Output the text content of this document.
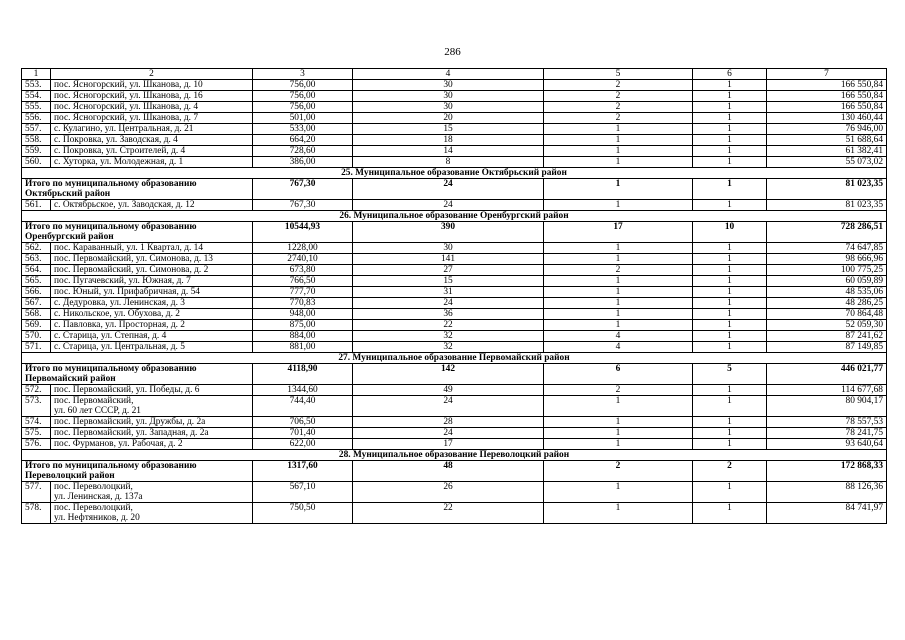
286
1	2	3	4	5	6	7
553.	пос. Ясногорский, ул. Шканова, д. 10	756,00	30	2	1	166 550,84
554.	пос. Ясногорский, ул. Шканова, д. 16	756,00	30	2	1	166 550,84
555.	пос. Ясногорский, ул. Шканова, д. 4	756,00	30	2	1	166 550,84
556.	пос. Ясногорский, ул. Шканова, д. 7	501,00	20	2	1	130 460,44
557.	с. Кулагино, ул. Центральная, д. 21	533,00	15	1	1	76 946,00
558.	с. Покровка, ул. Заводская, д. 4	664,20	18	1	1	51 688,64
559.	с. Покровка, ул. Строителей, д. 4	728,60	14	1	1	61 382,41
560.	с. Хуторка, ул. Молодежная, д. 1	386,00	8	1	1	55 073,02
25. Муниципальное образование Октябрьский район						
Итого по муниципальному образованию Октябрьский район		767,30	24	1	1	81 023,35
561.	с. Октябрьское, ул. Заводская, д. 12	767,30	24	1	1	81 023,35
26. Муниципальное образование Оренбургский район						
Итого по муниципальному образованию Оренбургский район		10544,93	390	17	10	728 286,51
562.	пос. Караванный, ул. 1 Квартал, д. 14	1228,00	30	1	1	74 647,85
563.	пос. Первомайский, ул. Симонова, д. 13	2740,10	141	1	1	98 666,96
564.	пос. Первомайский, ул. Симонова, д. 2	673,80	27	2	1	100 775,25
565.	пос. Пугачевский, ул. Южная, д. 7	766,50	15	1	1	60 059,89
566.	пос. Юный, ул. Прифабричная, д. 54	777,70	31	1	1	48 535,06
567.	с. Дедуровка, ул. Ленинская, д. 3	770,83	24	1	1	48 286,25
568.	с. Никольское, ул. Обухова, д. 2	948,00	36	1	1	70 864,48
569.	с. Павловка, ул. Просторная, д. 2	875,00	22	1	1	52 059,30
570.	с. Старица, ул. Степная, д. 4	884,00	32	4	1	87 241,62
571.	с. Старица, ул. Центральная, д. 5	881,00	32	4	1	87 149,85
27. Муниципальное образование Первомайский район						
Итого по муниципальному образованию Первомайский район		4118,90	142	6	5	446 021,77
572.	пос. Первомайский, ул. Победы, д. 6	1344,60	49	2	1	114 677,68
573.	пос. Первомайский,
ул. 60 лет СССР, д. 21	744,40	24	1	1	80 904,17
574.	пос. Первомайский, ул. Дружбы, д. 2а	706,50	28	1	1	78 557,53
575.	пос. Первомайский, ул. Западная, д. 2а	701,40	24	1	1	78 241,75
576.	пос. Фурманов, ул. Рабочая, д. 2	622,00	17	1	1	93 640,64
28. Муниципальное образование Переволоцкий район						
Итого по муниципальному образованию Переволоцкий район		1317,60	48	2	2	172 868,33
577.	пос. Переволоцкий,
ул. Ленинская, д. 137а	567,10	26	1	1	88 126,36
578.	пос. Переволоцкий,
ул. Нефтяников, д. 20	750,50	22	1	1	84 741,97
